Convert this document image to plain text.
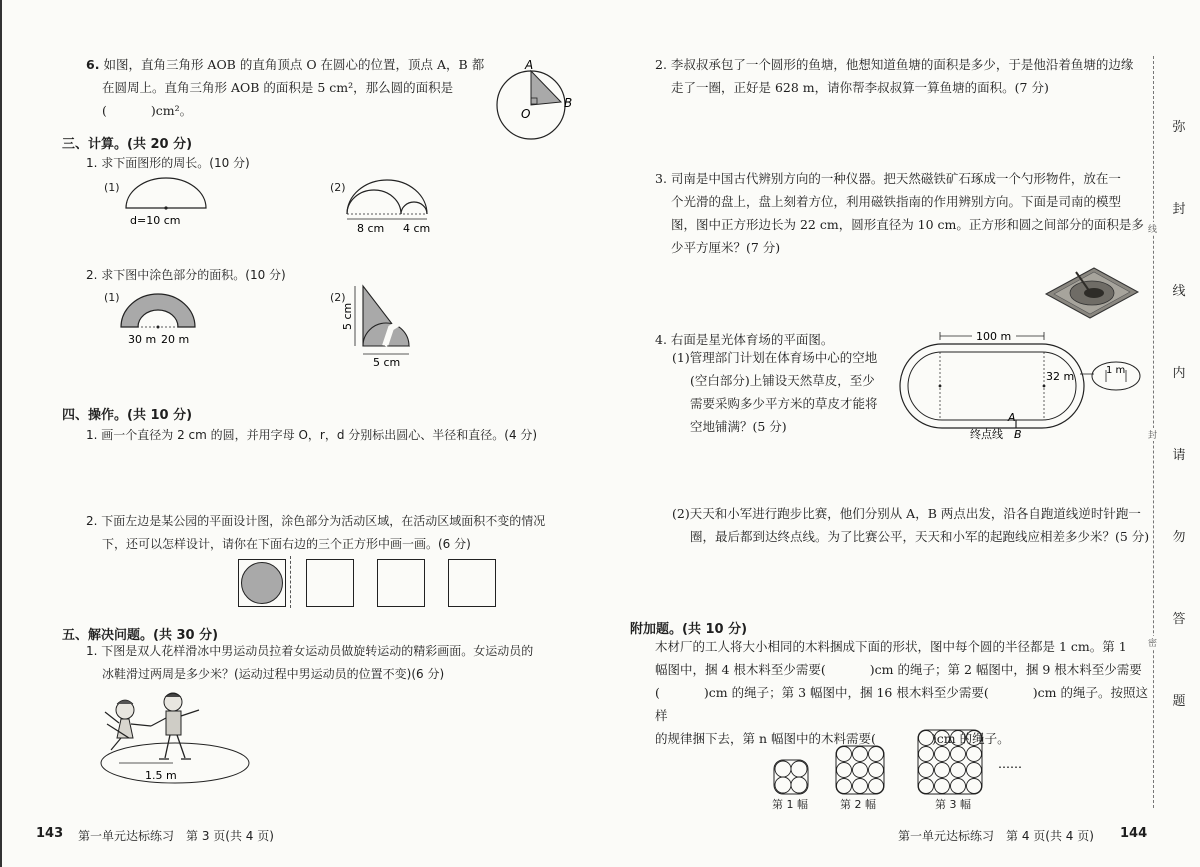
6. 如图，直角三角形 AOB 的直角顶点 O 在圆心的位置，顶点 A，B 都
在圆周上。直角三角形 AOB 的面积是 5 cm²，那么圆的面积是
(	)cm²。
A
O
B
三、计算。(共 20 分)
1. 求下面图形的周长。(10 分)
(1)
d=10 cm
(2)
8 cm 4 cm
2. 求下图中涂色部分的面积。(10 分)
(1)
30 m 20 m
(2)
5 cm
5 cm
四、操作。(共 10 分)
1. 画一个直径为 2 cm 的圆，并用字母 O，r，d 分别标出圆心、半径和直径。(4 分)
2. 下面左边是某公园的平面设计图，涂色部分为活动区域，在活动区域面积不变的情况
下，还可以怎样设计，请你在下面右边的三个正方形中画一画。(6 分)
五、解决问题。(共 30 分)
1. 下图是双人花样滑冰中男运动员拉着女运动员做旋转运动的精彩画面。女运动员的
冰鞋滑过两周是多少米？(运动过程中男运动员的位置不变)(6 分)
1.5 m
143 第一单元达标练习　第 3 页(共 4 页)
2. 李叔叔承包了一个圆形的鱼塘，他想知道鱼塘的面积是多少，于是他沿着鱼塘的边缘
走了一圈，正好是 628 m，请你帮李叔叔算一算鱼塘的面积。(7 分)
3. 司南是中国古代辨别方向的一种仪器。把天然磁铁矿石琢成一个勺形物件，放在一
个光滑的盘上，盘上刻着方位，利用磁铁指南的作用辨别方向。下面是司南的模型
图，图中正方形边长为 22 cm，圆形直径为 10 cm。正方形和圆之间部分的面积是多
少平方厘米？(7 分)
4. 右面是星光体育场的平面图。
(1)管理部门计划在体育场中心的空地
(空白部分)上铺设天然草皮，至少
需要采购多少平方米的草皮才能将
空地铺满？(5 分)
100 m
32 m
A
终点线 B
1 m
(2)天天和小军进行跑步比赛，他们分别从 A，B 两点出发，沿各自跑道线逆时针跑一
圈，最后都到达终点线。为了比赛公平，天天和小军的起跑线应相差多少米？(5 分)
附加题。(共 10 分)
木材厂的工人将大小相同的木料捆成下面的形状，图中每个圆的半径都是 1 cm。第 1
幅图中，捆 4 根木料至少需要(	)cm 的绳子；第 2 幅图中，捆 9 根木料至少需要
(	)cm 的绳子；第 3 幅图中，捆 16 根木料至少需要(	)cm 的绳子。按照这样
的规律捆下去，第 n 幅图中的木料需要(	)cm 的绳子。
……
第 1 幅	第 2 幅	第 3 幅
第一单元达标练习　第 4 页(共 4 页) 144
弥
封
线
内
请
勿
答
题
线
封
密
